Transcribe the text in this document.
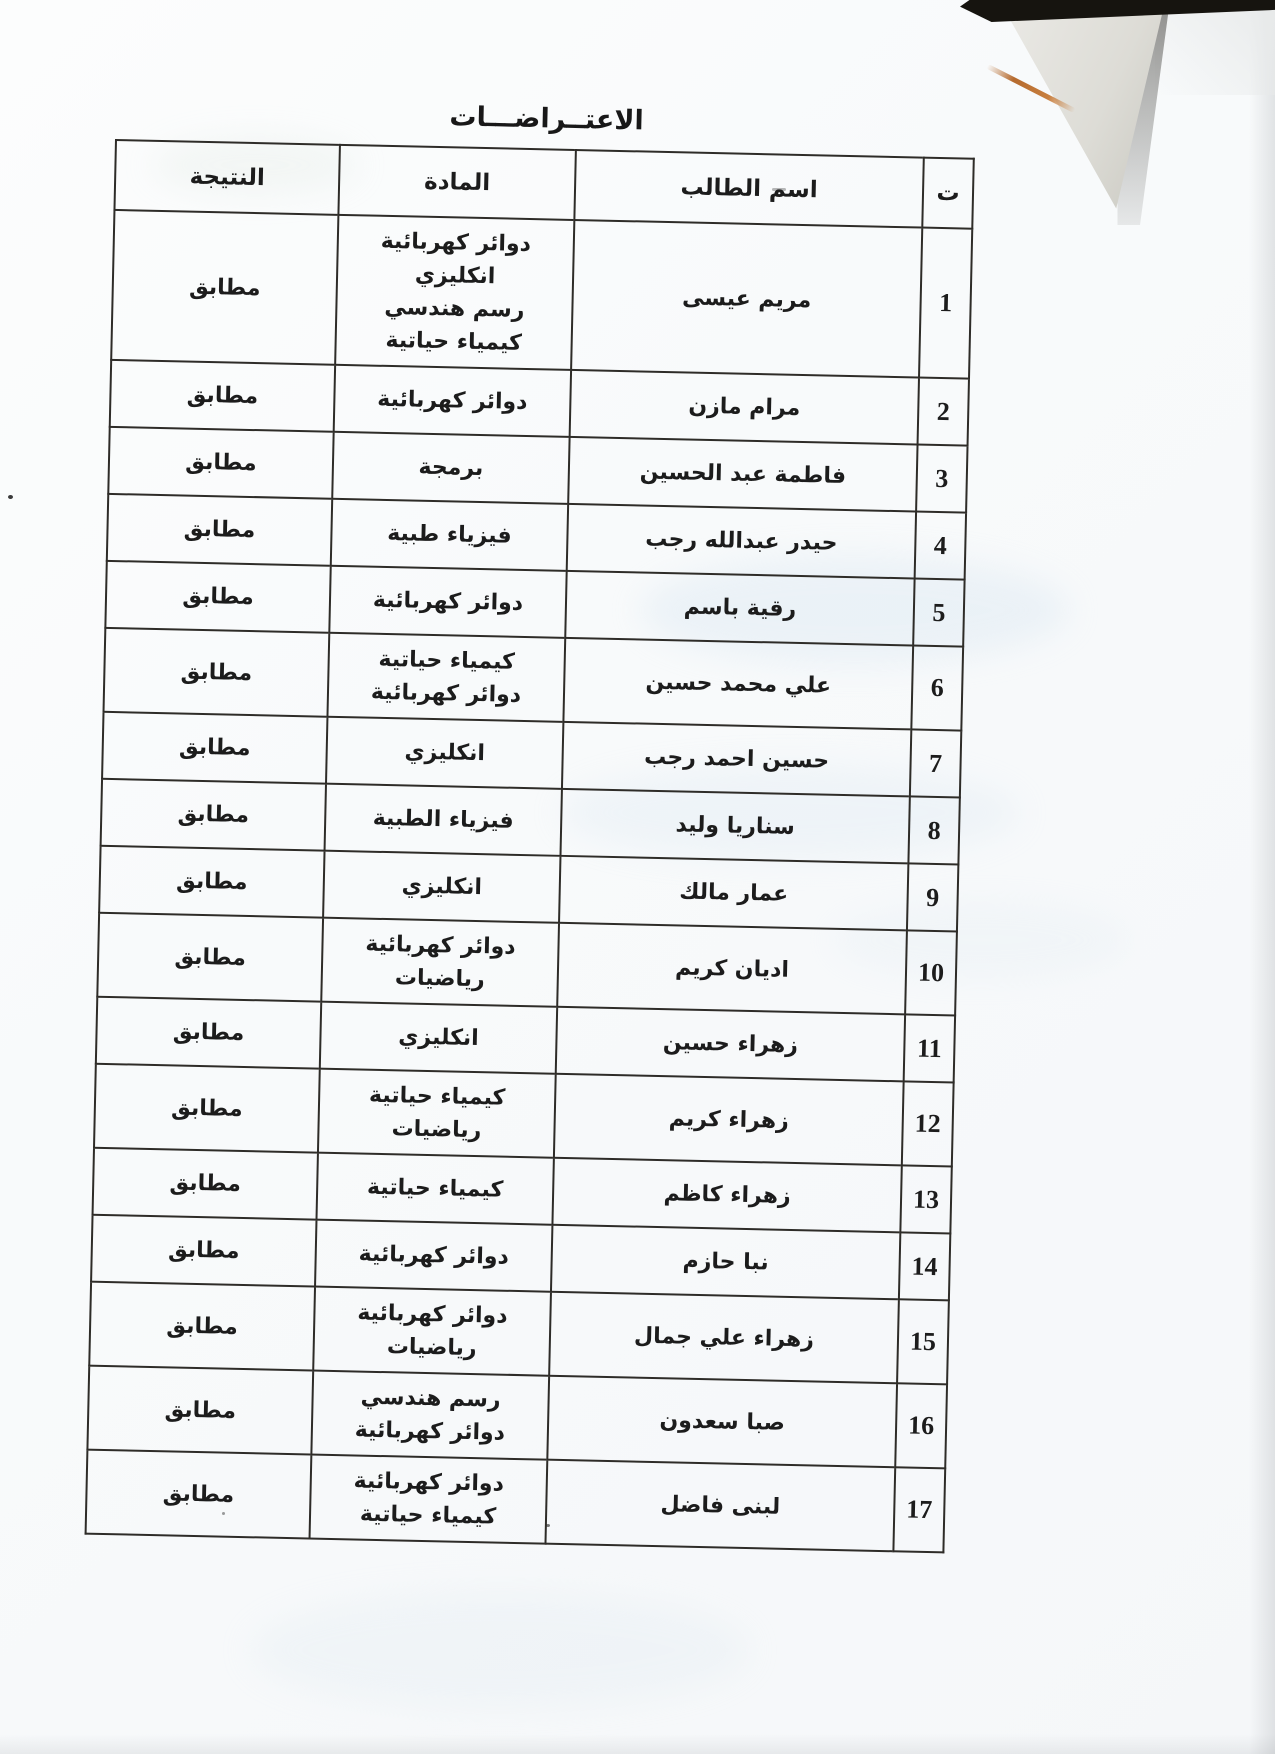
الاعتــراضـــات
ت	اسم الطالب	المادة	النتيجة
1	مريم عيسى	دوائر كهربائية
انكليزي
رسم هندسي
كيمياء حياتية	مطابق
2	مرام مازن	دوائر كهربائية	مطابق
3	فاطمة عبد الحسين	برمجة	مطابق
4	حيدر عبدالله رجب	فيزياء طبية	مطابق
5	رقية باسم	دوائر كهربائية	مطابق
6	علي محمد حسين	كيمياء حياتية
دوائر كهربائية	مطابق
7	حسين احمد رجب	انكليزي	مطابق
8	سناريا وليد	فيزياء الطبية	مطابق
9	عمار مالك	انكليزي	مطابق
10	اديان كريم	دوائر كهربائية
رياضيات	مطابق
11	زهراء حسين	انكليزي	مطابق
12	زهراء كريم	كيمياء حياتية
رياضيات	مطابق
13	زهراء كاظم	كيمياء حياتية	مطابق
14	نبا حازم	دوائر كهربائية	مطابق
15	زهراء علي جمال	دوائر كهربائية
رياضيات	مطابق
16	صبا سعدون	رسم هندسي
دوائر كهربائية	مطابق
17	لبنى فاضل	دوائر كهربائية
كيمياء حياتية	مطابق
